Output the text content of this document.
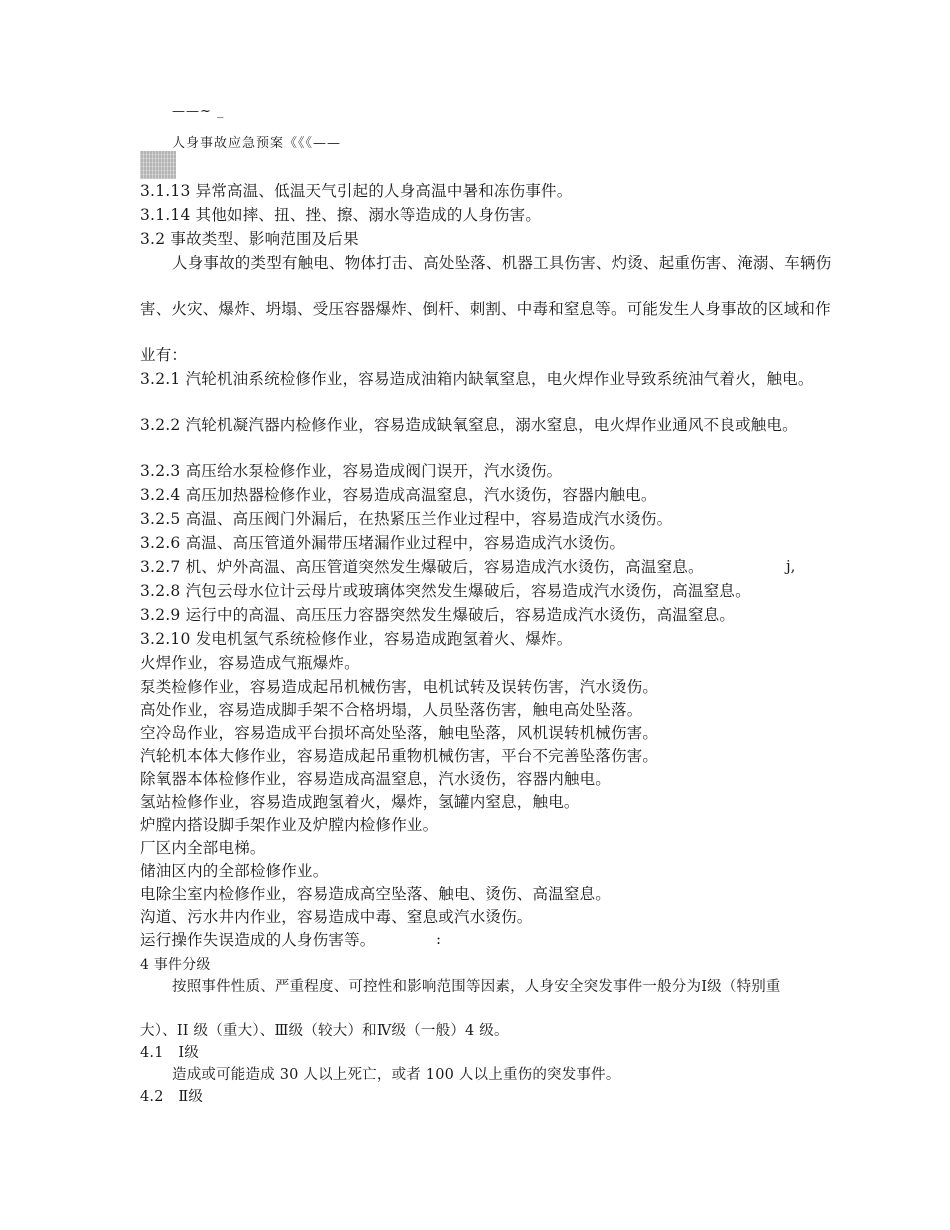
——~ _
人身事故应急预案《《《——
3.1.13 异常高温、低温天气引起的人身高温中暑和冻伤事件。
3.1.14 其他如摔、扭、挫、擦、溺水等造成的人身伤害。
3.2 事故类型、影响范围及后果
人身事故的类型有触电、物体打击、高处坠落、机器工具伤害、灼烫、起重伤害、淹溺、车辆伤
害、火灾、爆炸、坍塌、受压容器爆炸、倒杆、刺割、中毒和窒息等。可能发生人身事故的区域和作
业有：
3.2.1 汽轮机油系统检修作业，容易造成油箱内缺氧窒息，电火焊作业导致系统油气着火，触电。
3.2.2 汽轮机凝汽器内检修作业，容易造成缺氧窒息，溺水窒息，电火焊作业通风不良或触电。
3.2.3 高压给水泵检修作业，容易造成阀门误开，汽水烫伤。
3.2.4 高压加热器检修作业，容易造成高温窒息，汽水烫伤，容器内触电。
3.2.5 高温、高压阀门外漏后，在热紧压兰作业过程中，容易造成汽水烫伤。
3.2.6 高温、高压管道外漏带压堵漏作业过程中，容易造成汽水烫伤。
3.2.7 机、炉外高温、高压管道突然发生爆破后，容易造成汽水烫伤，高温窒息。	j,
3.2.8 汽包云母水位计云母片或玻璃体突然发生爆破后，容易造成汽水烫伤，高温窒息。
3.2.9 运行中的高温、高压压力容器突然发生爆破后，容易造成汽水烫伤，高温窒息。
3.2.10 发电机氢气系统检修作业，容易造成跑氢着火、爆炸。
火焊作业，容易造成气瓶爆炸。
泵类检修作业，容易造成起吊机械伤害，电机试转及误转伤害，汽水烫伤。
高处作业，容易造成脚手架不合格坍塌，人员坠落伤害，触电高处坠落。
空冷岛作业，容易造成平台损坏高处坠落，触电坠落，风机误转机械伤害。
汽轮机本体大修作业，容易造成起吊重物机械伤害，平台不完善坠落伤害。
除氧器本体检修作业，容易造成高温窒息，汽水烫伤，容器内触电。
氢站检修作业，容易造成跑氢着火，爆炸，氢罐内窒息，触电。
炉膛内搭设脚手架作业及炉膛内检修作业。
厂区内全部电梯。
储油区内的全部检修作业。
电除尘室内检修作业，容易造成高空坠落、触电、烫伤、高温窒息。
沟道、污水井内作业，容易造成中毒、窒息或汽水烫伤。
运行操作失误造成的人身伤害等。	:
4 事件分级
按照事件性质、严重程度、可控性和影响范围等因素，人身安全突发事件一般分为Ⅰ级（特别重
大）、II 级（重大）、Ⅲ级（较大）和Ⅳ级（一般）4 级。
4.1　Ⅰ级
造成或可能造成 30 人以上死亡，或者 100 人以上重伤的突发事件。
4.2　Ⅱ级
